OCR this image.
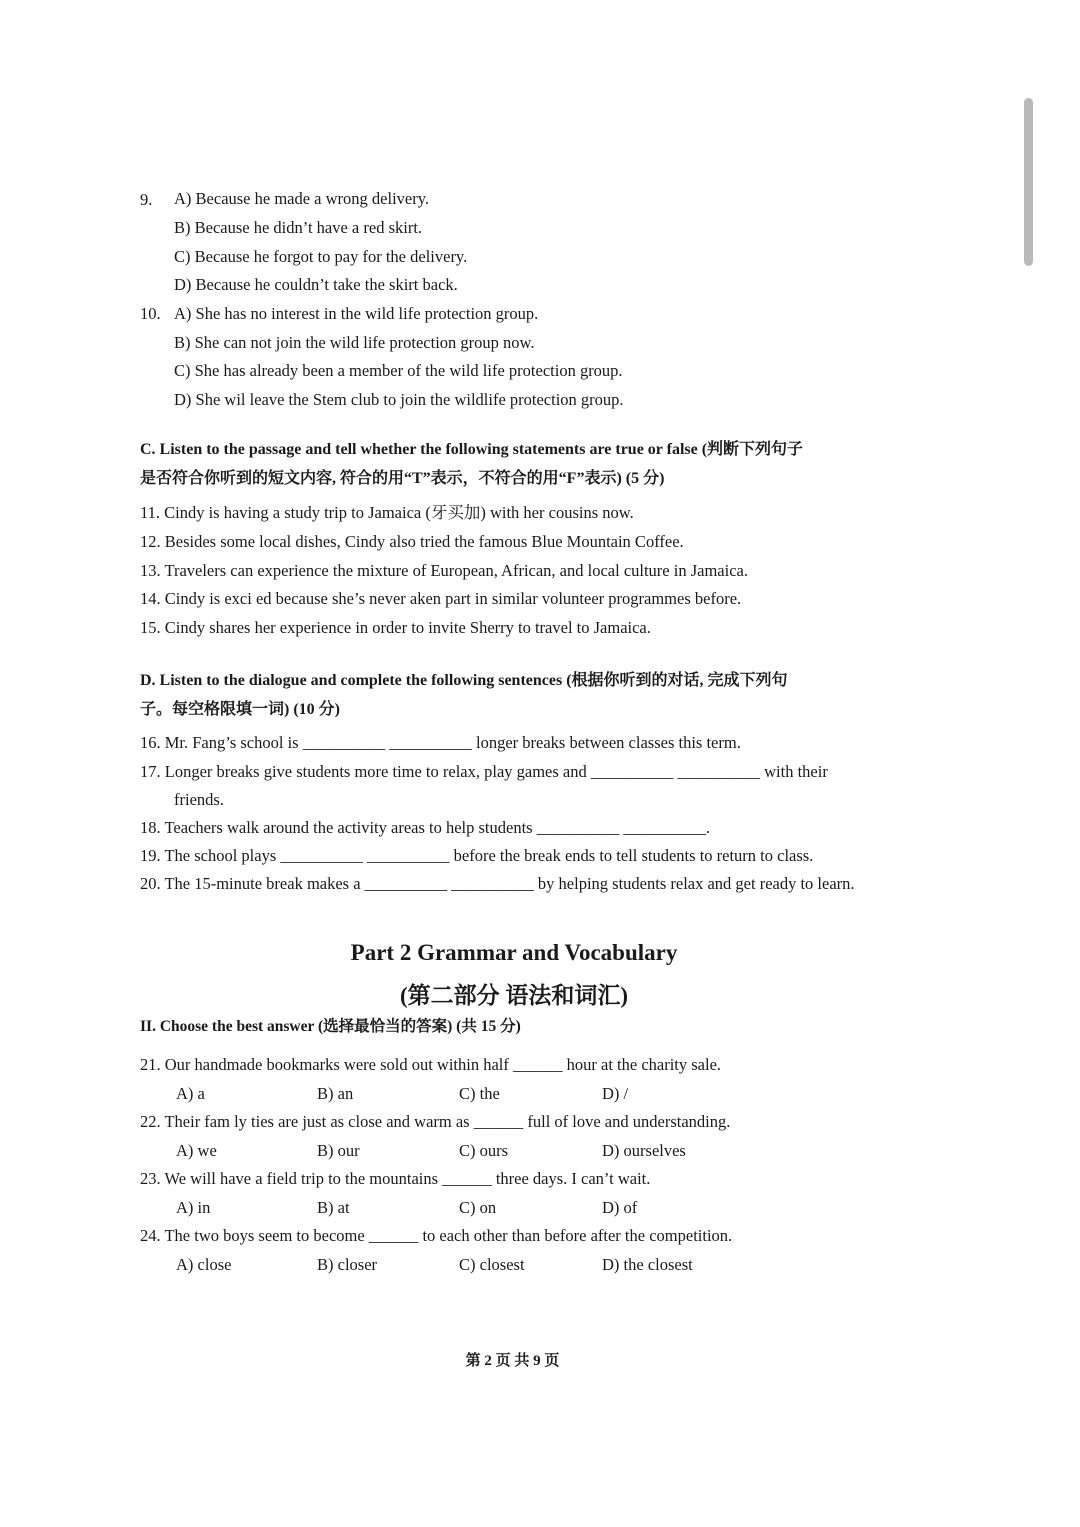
9. A) Because he made a wrong delivery.
B) Because he didn’t have a red skirt.
C) Because he forgot to pay for the delivery.
D) Because he couldn’t take the skirt back.
10. A) She has no interest in the wild life protection group.
B) She can not join the wild life protection group now.
C) She has already been a member of the wild life protection group.
D) She wil leave the Stem club to join the wildlife protection group.
C. Listen to the passage and tell whether the following statements are true or false (判断下列句子
是否符合你听到的短文内容, 符合的用“T”表示，不符合的用“F”表示) (5 分)
11. Cindy is having a study trip to Jamaica (牙买加) with her cousins now.
12. Besides some local dishes, Cindy also tried the famous Blue Mountain Coffee.
13. Travelers can experience the mixture of European, African, and local culture in Jamaica.
14. Cindy is exci ed because she’s never aken part in similar volunteer programmes before.
15. Cindy shares her experience in order to invite Sherry to travel to Jamaica.
D. Listen to the dialogue and complete the following sentences (根据你听到的对话, 完成下列句
子。每空格限填一词) (10 分)
16. Mr. Fang’s school is __________ __________ longer breaks between classes this term.
17. Longer breaks give students more time to relax, play games and __________ __________ with their
friends.
18. Teachers walk around the activity areas to help students __________ __________.
19. The school plays __________ __________ before the break ends to tell students to return to class.
20. The 15-minute break makes a __________ __________ by helping students relax and get ready to learn.
Part 2 Grammar and Vocabulary
(第二部分 语法和词汇)
II. Choose the best answer (选择最恰当的答案) (共 15 分)
21. Our handmade bookmarks were sold out within half ______ hour at the charity sale.
A) a	B) an	C) the	D) /
22. Their fam ly ties are just as close and warm as ______ full of love and understanding.
A) we	B) our	C) ours	D) ourselves
23. We will have a field trip to the mountains ______ three days. I can’t wait.
A) in	B) at	C) on	D) of
24. The two boys seem to become ______ to each other than before after the competition.
A) close	B) closer	C) closest	D) the closest
第 2 页 共 9 页
